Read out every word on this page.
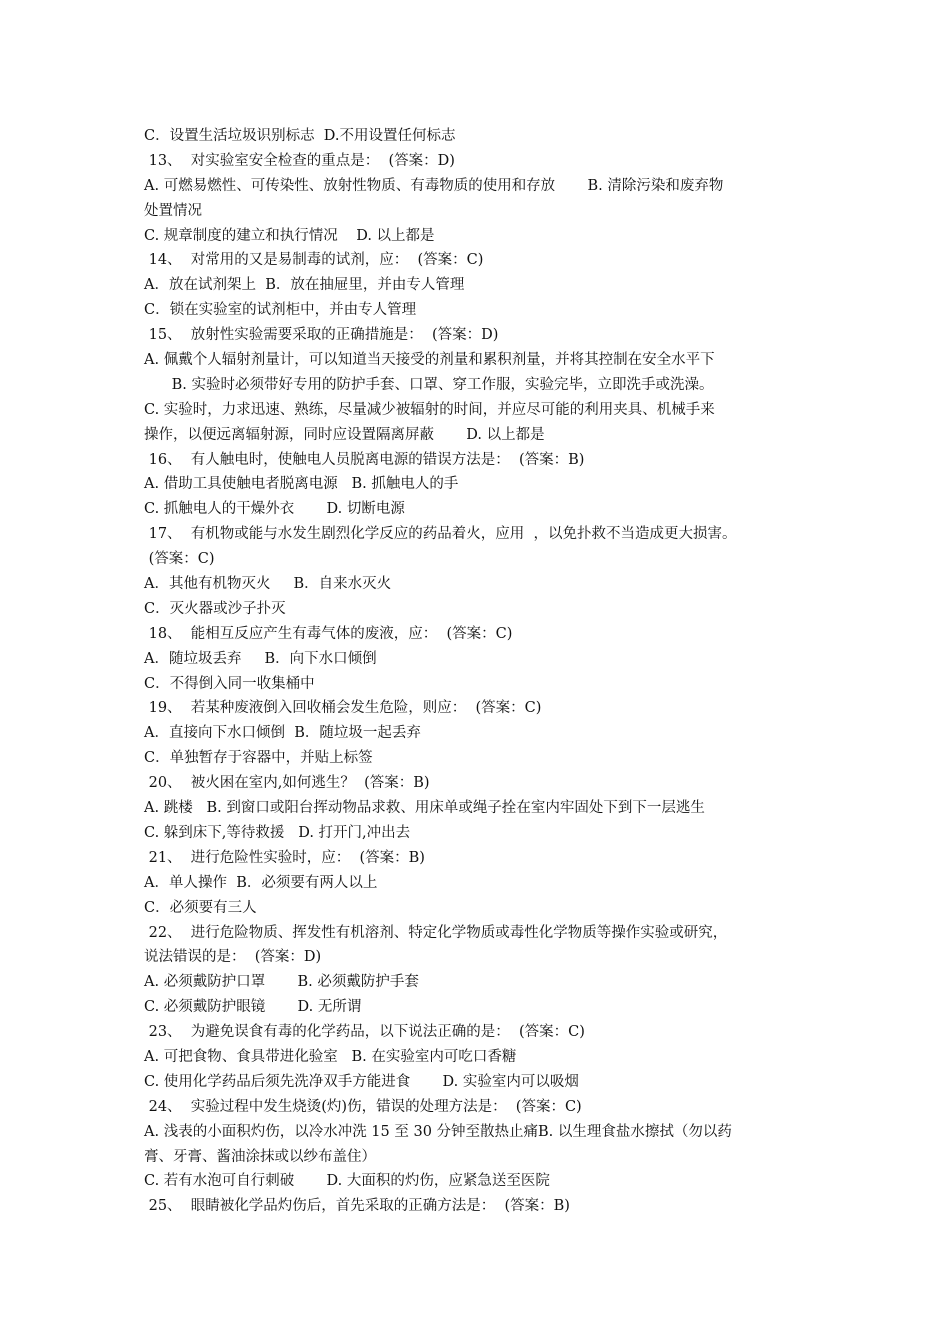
C．设置生活垃圾识别标志  D.不用设置任何标志
13、  对实验室安全检查的重点是：  (答案：D)
A. 可燃易燃性、可传染性、放射性物质、有毒物质的使用和存放       B. 清除污染和废弃物
处置情况
C. 规章制度的建立和执行情况    D. 以上都是
14、  对常用的又是易制毒的试剂，应：  (答案：C)
A．放在试剂架上  B．放在抽屉里，并由专人管理
C．锁在实验室的试剂柜中，并由专人管理
15、  放射性实验需要采取的正确措施是：  (答案：D)
A. 佩戴个人辐射剂量计，可以知道当天接受的剂量和累积剂量，并将其控制在安全水平下
B. 实验时必须带好专用的防护手套、口罩、穿工作服，实验完毕，立即洗手或洗澡。
C. 实验时，力求迅速、熟练，尽量减少被辐射的时间，并应尽可能的利用夹具、机械手来
操作，以便远离辐射源，同时应设置隔离屏蔽       D. 以上都是
16、  有人触电时，使触电人员脱离电源的错误方法是：  (答案：B)
A. 借助工具使触电者脱离电源   B. 抓触电人的手
C. 抓触电人的干燥外衣       D. 切断电源
17、  有机物或能与水发生剧烈化学反应的药品着火，应用  ，以免扑救不当造成更大损害。
(答案：C)
A．其他有机物灭火     B．自来水灭火
C．灭火器或沙子扑灭
18、  能相互反应产生有毒气体的废液，应：  (答案：C)
A．随垃圾丢弃     B．向下水口倾倒
C．不得倒入同一收集桶中
19、  若某种废液倒入回收桶会发生危险，则应：  (答案：C)
A．直接向下水口倾倒  B．随垃圾一起丢弃
C．单独暂存于容器中，并贴上标签
20、  被火困在室内,如何逃生？  (答案：B)
A. 跳楼   B. 到窗口或阳台挥动物品求救、用床单或绳子拴在室内牢固处下到下一层逃生
C. 躲到床下,等待救援   D. 打开门,冲出去
21、  进行危险性实验时，应：  (答案：B)
A．单人操作  B．必须要有两人以上
C．必须要有三人
22、  进行危险物质、挥发性有机溶剂、特定化学物质或毒性化学物质等操作实验或研究，
说法错误的是：  (答案：D)
A. 必须戴防护口罩       B. 必须戴防护手套
C. 必须戴防护眼镜       D. 无所谓
23、  为避免误食有毒的化学药品，以下说法正确的是：  (答案：C)
A. 可把食物、食具带进化验室   B. 在实验室内可吃口香糖
C. 使用化学药品后须先洗净双手方能进食       D. 实验室内可以吸烟
24、  实验过程中发生烧烫(灼)伤，错误的处理方法是：  (答案：C)
A. 浅表的小面积灼伤，以冷水冲洗 15 至 30 分钟至散热止痛B. 以生理食盐水擦拭（勿以药
膏、牙膏、酱油涂抹或以纱布盖住）
C. 若有水泡可自行刺破       D. 大面积的灼伤，应紧急送至医院
25、  眼睛被化学品灼伤后，首先采取的正确方法是：  (答案：B)
